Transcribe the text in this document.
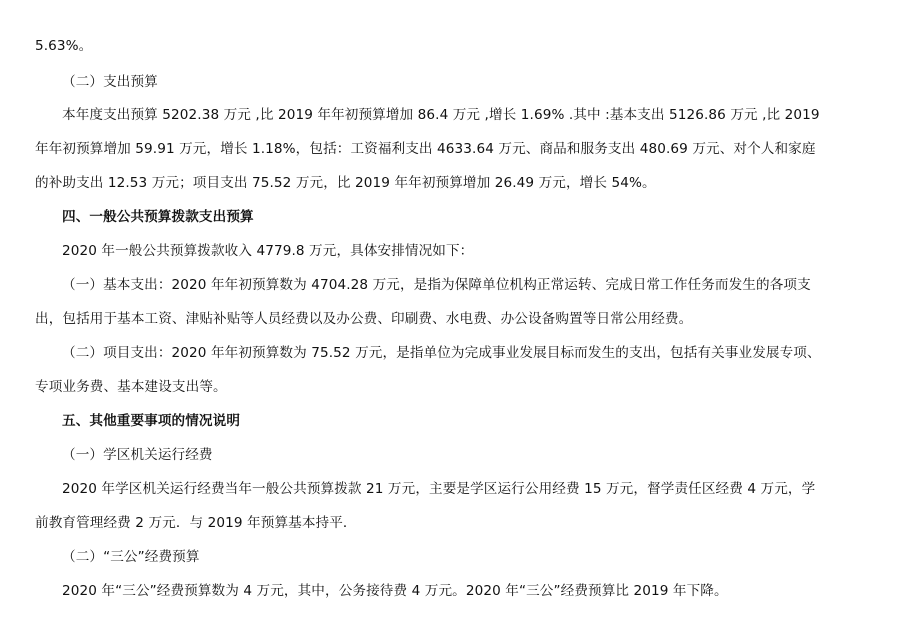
5.63%。
（二）支出预算
本年度支出预算 5202.38 万元 ,比 2019 年年初预算增加 86.4 万元 ,增长 1.69% .其中 :基本支出 5126.86 万元 ,比 2019
年年初预算增加 59.91 万元，增长 1.18%，包括：工资福利支出 4633.64 万元、商品和服务支出 480.69 万元、对个人和家庭
的补助支出 12.53 万元；项目支出 75.52 万元，比 2019 年年初预算增加 26.49 万元，增长 54%。
四、一般公共预算拨款支出预算
2020 年一般公共预算拨款收入 4779.8 万元，具体安排情况如下：
（一）基本支出：2020 年年初预算数为 4704.28 万元，是指为保障单位机构正常运转、完成日常工作任务而发生的各项支
出，包括用于基本工资、津贴补贴等人员经费以及办公费、印刷费、水电费、办公设备购置等日常公用经费。
（二）项目支出：2020 年年初预算数为 75.52 万元，是指单位为完成事业发展目标而发生的支出，包括有关事业发展专项、
专项业务费、基本建设支出等。
五、其他重要事项的情况说明
（一）学区机关运行经费
2020 年学区机关运行经费当年一般公共预算拨款 21 万元，主要是学区运行公用经费 15 万元，督学责任区经费 4 万元，学
前教育管理经费 2 万元．与 2019 年预算基本持平．
（二）“三公”经费预算
2020 年“三公”经费预算数为 4 万元，其中，公务接待费 4 万元。2020 年“三公”经费预算比 2019 年下降。
